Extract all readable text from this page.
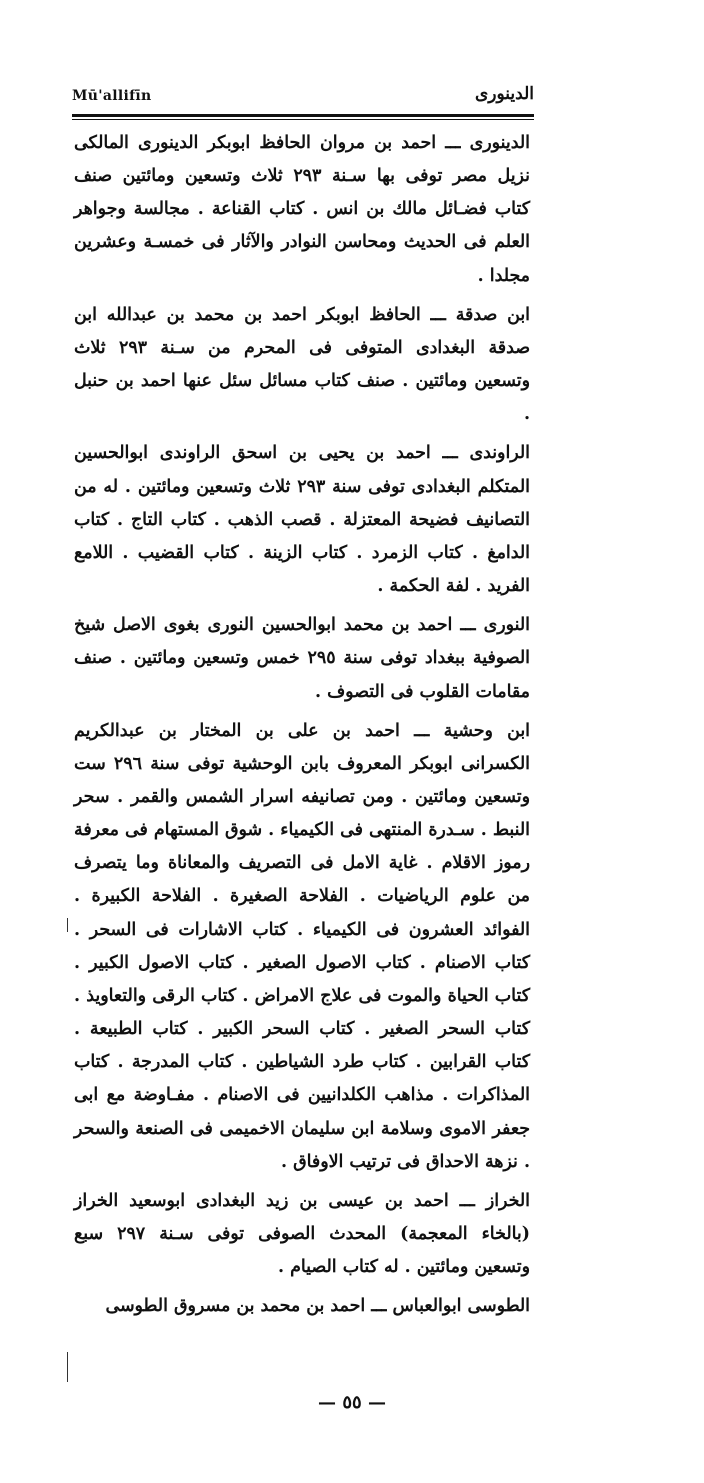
Mū'allifīn	الدينورى

الدينورى ـــ احمد بن مروان الحافظ ابوبكر الدينورى المالكى نزيل مصر توفى بها سـنة ٢٩٣ ثلاث وتسعين ومائتين صنف كتاب فضـائل مالك بن انس . كتاب القناعة . مجالسة وجواهر العلم فى الحديث ومحاسن النوادر والآثار فى خمسـة وعشرين مجلدا .

ابن صدقة ـــ الحافظ ابوبكر احمد بن محمد بن عبدالله ابن صدقة البغدادى المتوفى فى المحرم من سـنة ٢٩٣ ثلاث وتسعين ومائتين . صنف كتاب مسائل سئل عنها احمد بن حنبل .

الراوندى ـــ احمد بن يحيى بن اسحق الراوندى ابوالحسين المتكلم البغدادى توفى سنة ٢٩٣ ثلاث وتسعين ومائتين . له من التصانيف فضيحة المعتزلة . قصب الذهب . كتاب التاج . كتاب الدامغ . كتاب الزمرد . كتاب الزينة . كتاب القضيب . اللامع الفريد . لفة الحكمة .

النورى ـــ احمد بن محمد ابوالحسين النورى بغوى الاصل شيخ الصوفية ببغداد توفى سنة ٢٩٥ خمس وتسعين ومائتين . صنف مقامات القلوب فى التصوف .

ابن وحشية ـــ احمد بن على بن المختار بن عبدالكريم الكسرانى ابوبكر المعروف بابن الوحشية توفى سنة ٢٩٦ ست وتسعين ومائتين . ومن تصانيفه اسرار الشمس والقمر . سحر النبط . سـدرة المنتهى فى الكيمياء . شوق المستهام فى معرفة رموز الاقلام . غاية الامل فى التصريف والمعاناة وما يتصرف من علوم الرياضيات . الفلاحة الصغيرة . الفلاحة الكبيرة . الفوائد العشرون فى الكيمياء . كتاب الاشارات فى السحر . كتاب الاصنام . كتاب الاصول الصغير . كتاب الاصول الكبير . كتاب الحياة والموت فى علاج الامراض . كتاب الرقى والتعاويذ . كتاب السحر الصغير . كتاب السحر الكبير . كتاب الطبيعة . كتاب القرابين . كتاب طرد الشياطين . كتاب المدرجة . كتاب المذاكرات . مذاهب الكلدانيين فى الاصنام . مفـاوضة مع ابى جعفر الاموى وسلامة ابن سليمان الاخميمى فى الصنعة والسحر . نزهة الاحداق فى ترتيب الاوفاق .

الخراز ـــ احمد بن عيسى بن زيد البغدادى ابوسعيد الخراز (بالخاء المعجمة) المحدث الصوفى توفى سـنة ٢٩٧ سبع وتسعين ومائتين . له كتاب الصيام .

الطوسى ابوالعباس ـــ احمد بن محمد بن مسروق الطوسى

— ٥٥ —
